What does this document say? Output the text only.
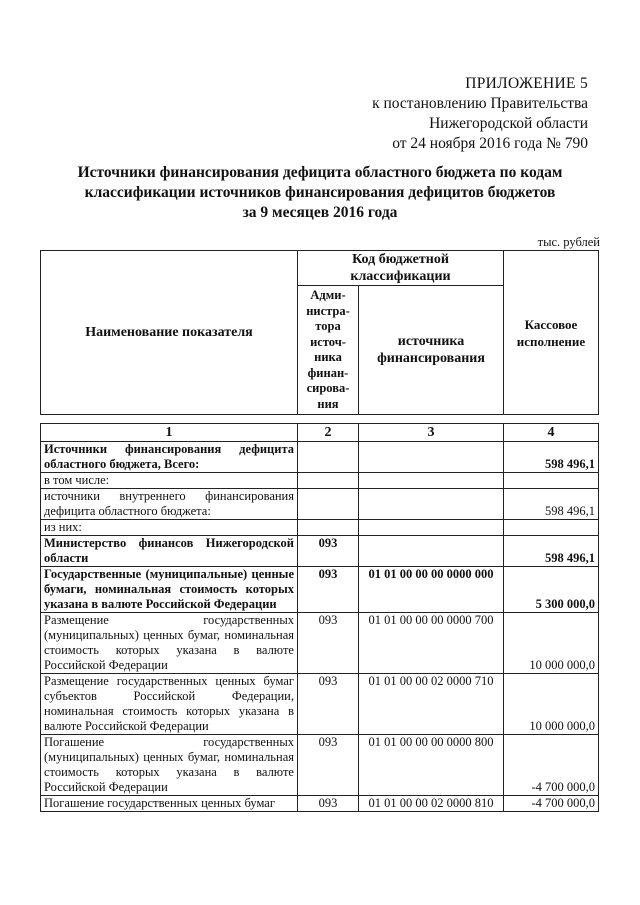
ПРИЛОЖЕНИЕ 5
к постановлению Правительства
Нижегородской области
от 24 ноября 2016 года № 790
Источники финансирования дефицита областного бюджета по кодам
классификации источников финансирования дефицитов бюджетов
за 9 месяцев 2016 года
тыс. рублей
Наименование показателя	Код бюджетной классификации		Кассовое исполнение
	Адми-нистра-тора источ-ника финан-сирова-ния	источника финансирования	
1	2	3	4
Источники финансирования дефицита областного бюджета, Всего:			598 496,1
в том числе:			
источники внутреннего финансирования дефицита областного бюджета:			598 496,1
из них:			
Министерство финансов Нижегородской области	093		598 496,1
Государственные (муниципальные) ценные бумаги, номинальная стоимость которых указана в валюте Российской Федерации	093	01 01 00 00 00 0000 000	5 300 000,0
Размещение государственных (муниципальных) ценных бумаг, номинальная стоимость которых указана в валюте Российской Федерации	093	01 01 00 00 00 0000 700	10 000 000,0
Размещение государственных ценных бумаг субъектов Российской Федерации, номинальная стоимость которых указана в валюте Российской Федерации	093	01 01 00 00 02 0000 710	10 000 000,0
Погашение государственных (муниципальных) ценных бумаг, номинальная стоимость которых указана в валюте Российской Федерации	093	01 01 00 00 00 0000 800	-4 700 000,0
Погашение государственных ценных бумаг	093	01 01 00 00 02 0000 810	-4 700 000,0
